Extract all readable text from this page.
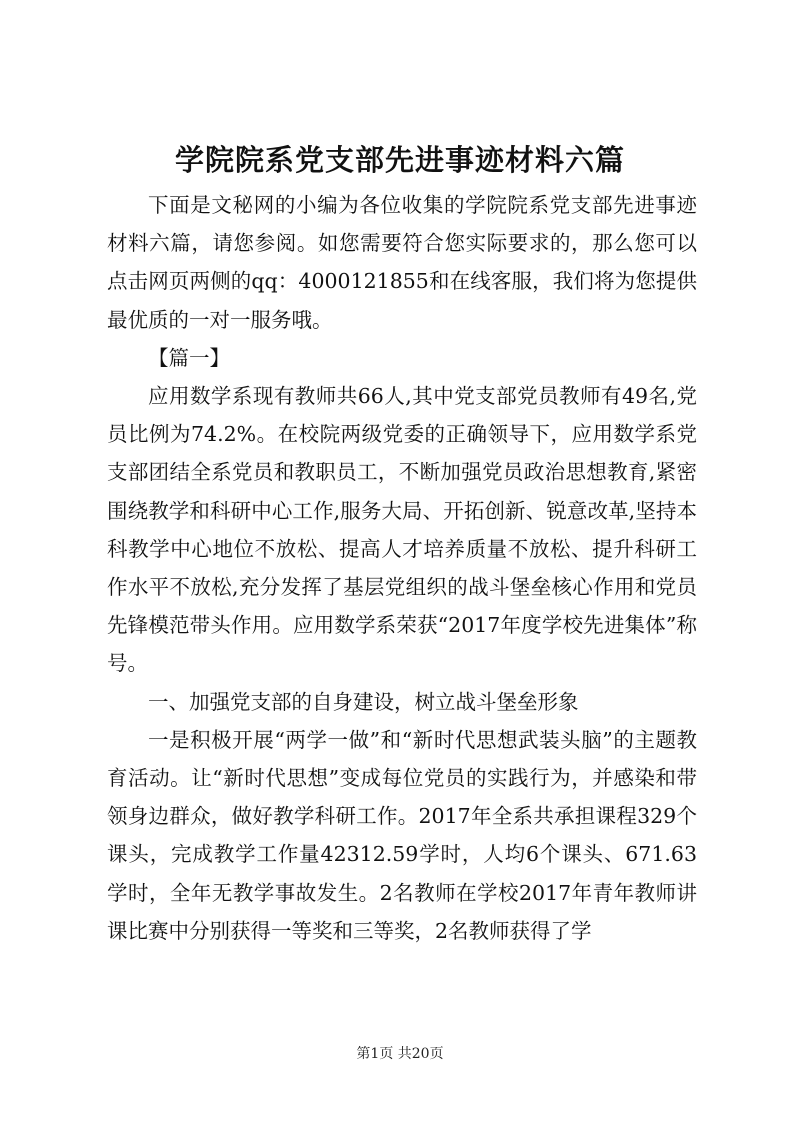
学院院系党支部先进事迹材料六篇

下面是文秘网的小编为各位收集的学院院系党支部先进事迹材料六篇，请您参阅。如您需要符合您实际要求的，那么您可以点击网页两侧的qq：4000121855和在线客服，我们将为您提供最优质的一对一服务哦。

【篇一】

应用数学系现有教师共66人,其中党支部党员教师有49名,党员比例为74.2%。在校院两级党委的正确领导下，应用数学系党支部团结全系党员和教职员工，不断加强党员政治思想教育,紧密围绕教学和科研中心工作,服务大局、开拓创新、锐意改革,坚持本科教学中心地位不放松、提高人才培养质量不放松、提升科研工作水平不放松,充分发挥了基层党组织的战斗堡垒核心作用和党员先锋模范带头作用。应用数学系荣获“2017年度学校先进集体”称号。

一、加强党支部的自身建设，树立战斗堡垒形象

一是积极开展“两学一做”和“新时代思想武装头脑”的主题教育活动。让“新时代思想”变成每位党员的实践行为，并感染和带领身边群众，做好教学科研工作。2017年全系共承担课程329个课头，完成教学工作量42312.59学时，人均6个课头、671.63学时，全年无教学事故发生。2名教师在学校2017年青年教师讲课比赛中分别获得一等奖和三等奖，2名教师获得了学

第1页 共20页
